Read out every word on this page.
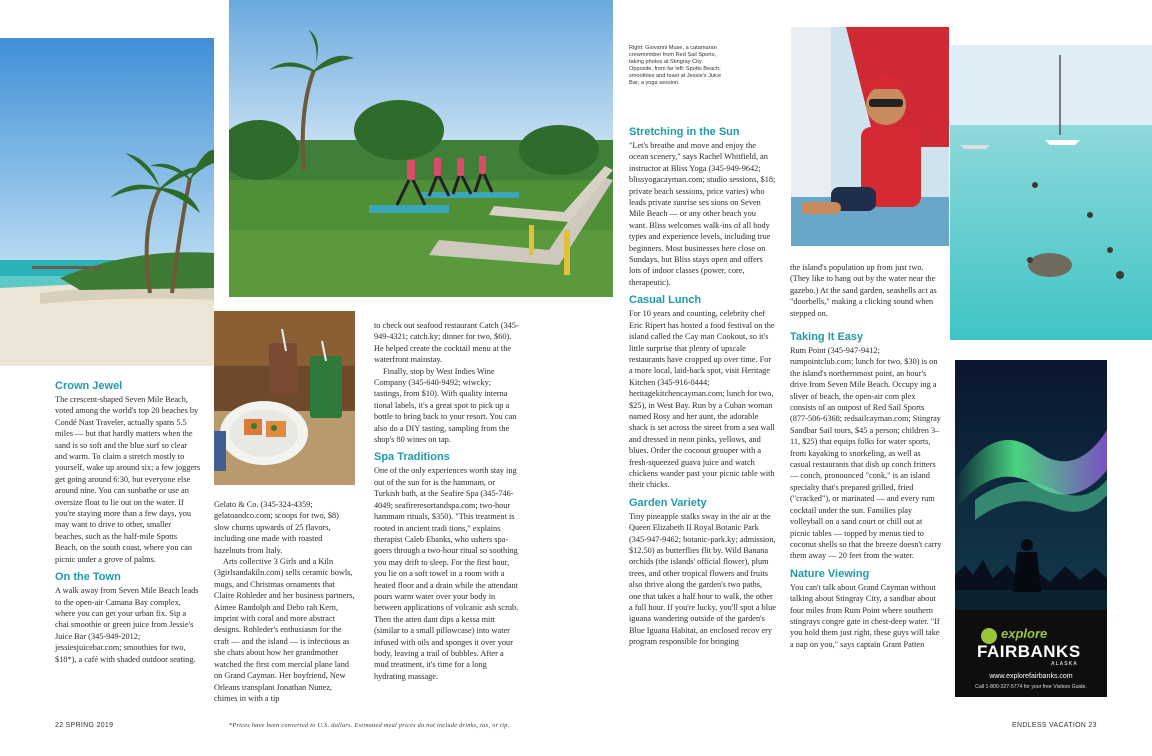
Right: Giovanni Muse, a catamaran crewmember from Red Sail Sports, taking photos at Stingray City. Opposite, from far left: Spotts Beach; smoothies and toast at Jessie's Juice Bar; a yoga session.
Crown Jewel

The crescent-shaped Seven Mile Beach, voted among the world's top 20 beaches by Condé Nast Traveler, actually spans 5.5 miles — but that hardly matters when the sand is so soft and the blue surf so clear and warm. To claim a stretch mostly to yourself, wake up around six; a few joggers get going around 6:30, but everyone else around nine. You can sunbathe or use an oversize float to lie out on the water. If you're staying more than a few days, you may want to drive to other, smaller beaches, such as the half-mile Spotts Beach, on the south coast, where you can picnic under a grove of palms.

On the Town

A walk away from Seven Mile Beach leads to the open-air Camana Bay complex, where you can get your urban fix. Sip a chai smoothie or green juice from Jessie's Juice Bar (345-949-2012; jessiesjuicebar.com; smoothies for two, $18*), a café with shaded outdoor seating.

Gelato & Co. (345-324-4359; gelatoandco.com; scoops for two, $8) slow churns upwards of 25 flavors, including one made with roasted hazelnuts from Italy.

Arts collective 3 Girls and a Kiln (3girlsandakiln.com) sells ceramic bowls, mugs, and Christmas ornaments that Claire Rohleder and her business partners, Aimee Randolph and Debo rah Kern, imprint with coral and more abstract designs. Rohleder's enthusiasm for the craft — and the island — is infectious as she chats about how her grandmother watched the first com mercial plane land on Grand Cayman. Her boyfriend, New Orleans transplant Jonathan Nunez, chimes in with a tip

to check out seafood restaurant Catch (345-949-4321; catch.ky; dinner for two, $60). He helped create the cocktail menu at the waterfront mainstay.

Finally, stop by West Indies Wine Company (345-640-9492; wiwcky; tastings, from $10). With quality interna tional labels, it's a great spot to pick up a bottle to bring back to your resort. You can also do a DIY tasting, sampling from the shop's 80 wines on tap.

Spa Traditions

One of the only experiences worth stay ing out of the sun for is the hammam, or Turkish bath, at the Seafire Spa (345-746-4049; seafireresortandspa.com; two-hour hammam rituals, $350). "This treatment is rooted in ancient tradi tions," explains therapist Caleb Ebanks, who ushers spa-goers through a two-hour ritual so soothing you may drift to sleep. For the first hour, you lie on a soft towel in a room with a heated floor and a drain while the attendant pours warm water over your body in between applications of volcanic ash scrub. Then the atten dant dips a kessa mitt (similar to a small pillowcase) into water infused with oils and sponges it over your body, leaving a trail of bubbles. After a mud treatment, it's time for a long hydrating massage.

Stretching in the Sun

"Let's breathe and move and enjoy the ocean scenery," says Rachel Whitfield, an instructor at Bliss Yoga (345-949-9642; blissyogacayman.com; studio sessions, $18; private beach sessions, price varies) who leads private sunrise ses sions on Seven Mile Beach — or any other beach you want. Bliss welcomes walk-ins of all body types and experience levels, including true beginners. Most businesses here close on Sundays, but Bliss stays open and offers lots of indoor classes (power, core, therapeutic).

Casual Lunch

For 10 years and counting, celebrity chef Eric Ripert has hosted a food festival on the island called the Cay man Cookout, so it's little surprise that plenty of upscale restaurants have cropped up over time. For a more local, laid-back spot, visit Heritage Kitchen (345-916-0444; heritagekitchencayman.com; lunch for two, $25), in West Bay. Run by a Cuban woman named Rosy and her aunt, the adorable shack is set across the street from a sea wall and dressed in neon pinks, yellows, and blues. Order the coconut grouper with a fresh-squeezed guava juice and watch chickens wander past your picnic table with their chicks.

Garden Variety

Tiny pineapple stalks sway in the air at the Queen Elizabeth II Royal Botanic Park (345-947-9462; botanic-park.ky; admission, $12.50) as butterflies flit by. Wild Banana orchids (the islands' official flower), plum trees, and other tropical flowers and fruits also thrive along the garden's two paths, one that takes a half hour to walk, the other a full hour. If you're lucky, you'll spot a blue iguana wandering outside of the garden's Blue Iguana Habitat, an enclosed recov ery program responsible for bringing

the island's population up from just two. (They like to hang out by the water near the gazebo.) At the sand garden, seashells act as "doorbells," making a clicking sound when stepped on.

Taking It Easy

Rum Point (345-947-9412; rumpointclub.com; lunch for two, $30) is on the island's northernmost point, an hour's drive from Seven Mile Beach. Occupy ing a sliver of beach, the open-air com plex consists of an outpost of Red Sail Sports (877-506-6368; redsailcayman.com; Stingray Sandbar Sail tours, $45 a person; children 3–11, $25) that equips folks for water sports, from kayaking to snorkeling, as well as casual restaurants that dish up conch fritters — conch, pronounced "conk," is an island specialty that's prepared grilled, fried ("cracked"), or marinated — and every rum cocktail under the sun. Families play volleyball on a sand court or chill out at picnic tables — topped by menus tied to coconut shells so that the breeze doesn't carry them away — 20 feet from the water.

Nature Viewing

You can't talk about Grand Cayman without talking about Stingray City, a sandbar about four miles from Rum Point where southern stingrays congre gate in chest-deep water. "If you hold them just right, these guys will take a nap on you," says captain Grant Patten

explore
FAIRBANKS
ALASKA
www.explorefairbanks.com
Call 1-800-327-5774 for your free Visitors Guide.
22 SPRING 2019	*Prices have been converted to U.S. dollars. Estimated meal prices do not include drinks, tax, or tip.	ENDLESS VACATION 23
